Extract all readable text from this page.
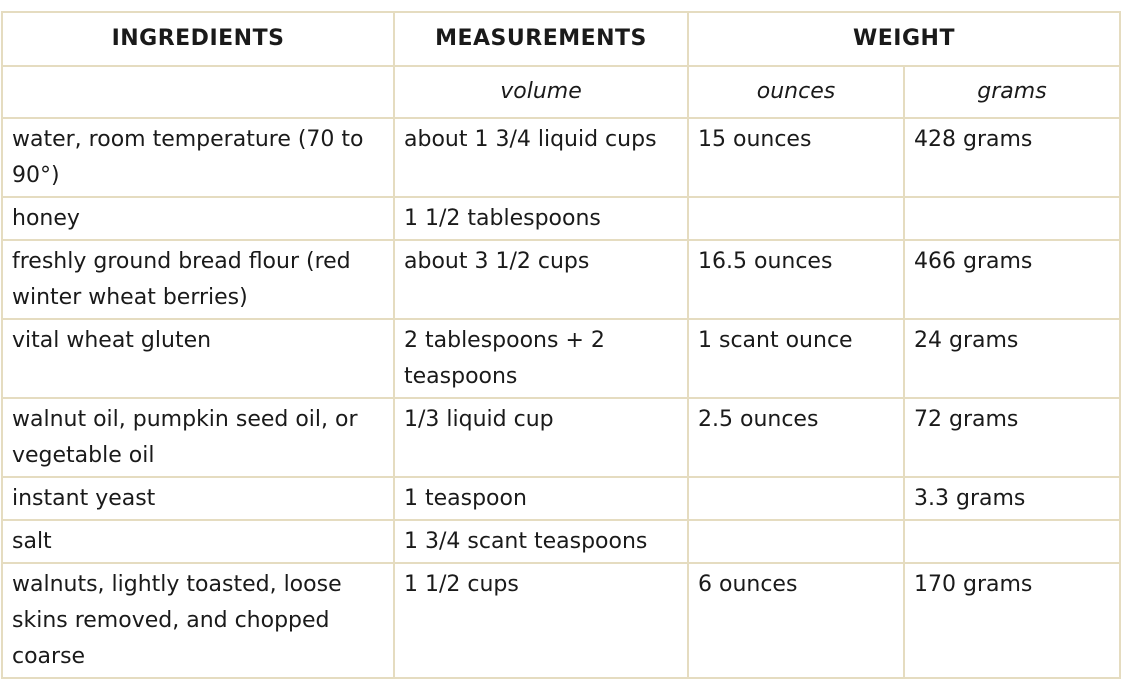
INGREDIENTS	MEASUREMENTS	WEIGHT	
	volume	ounces	grams
water, room temperature (70 to 90°)	about 1 3/4 liquid cups	15 ounces	428 grams
honey	1 1/2 tablespoons		
freshly ground bread flour (red winter wheat berries)	about 3 1/2 cups	16.5 ounces	466 grams
vital wheat gluten	2 tablespoons + 2 teaspoons	1 scant ounce	24 grams
walnut oil, pumpkin seed oil, or vegetable oil	1/3 liquid cup	2.5 ounces	72 grams
instant yeast	1 teaspoon		3.3 grams
salt	1 3/4 scant teaspoons		
walnuts, lightly toasted, loose skins removed, and chopped coarse	1 1/2 cups	6 ounces	170 grams
